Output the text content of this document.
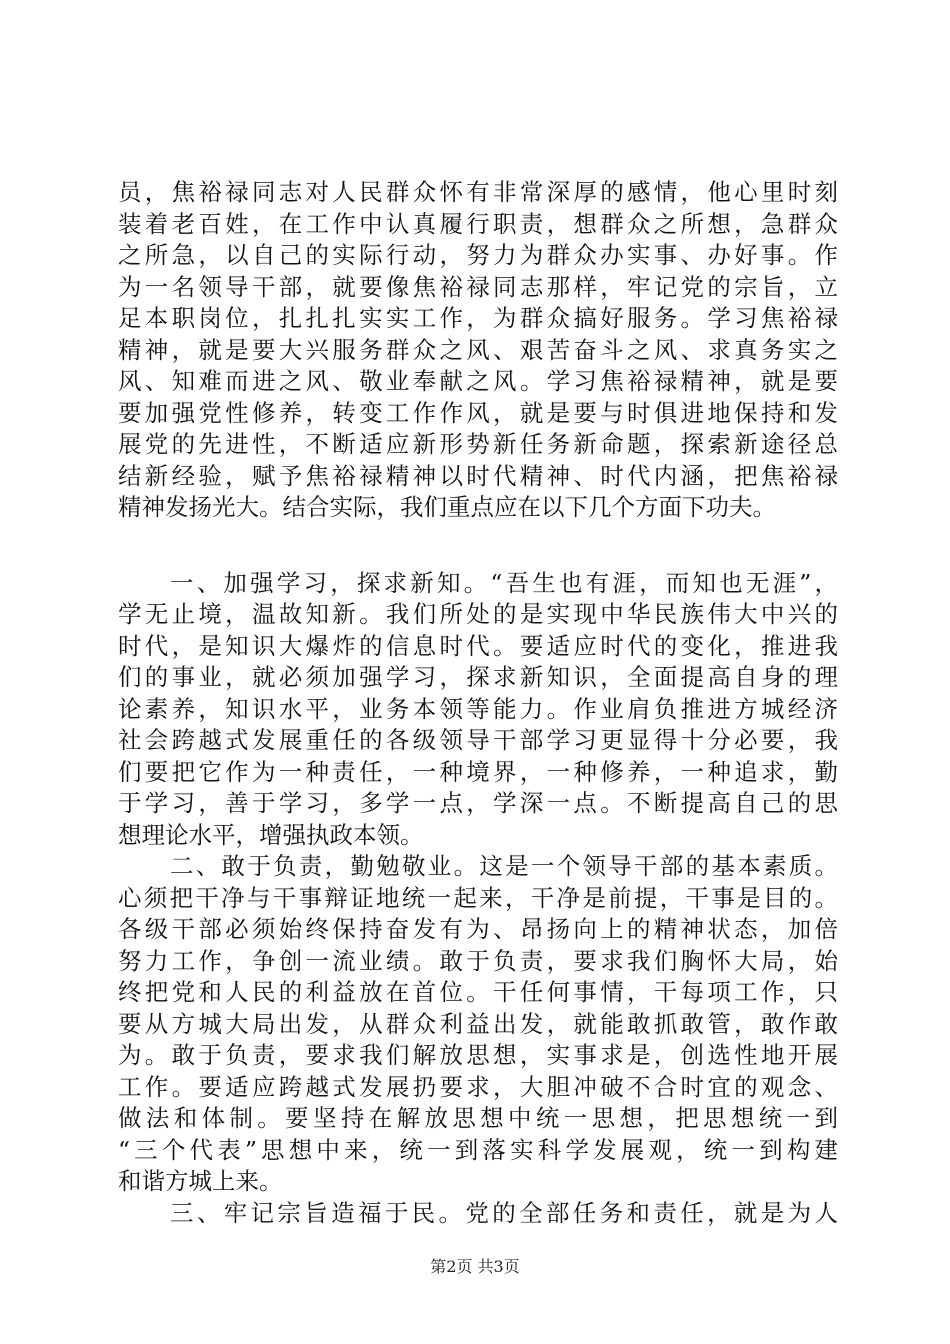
员，焦裕禄同志对人民群众怀有非常深厚的感情，他心里时刻
装着老百姓，在工作中认真履行职责，想群众之所想，急群众
之所急，以自己的实际行动，努力为群众办实事、办好事。作
为一名领导干部，就要像焦裕禄同志那样，牢记党的宗旨，立
足本职岗位，扎扎扎实实工作，为群众搞好服务。学习焦裕禄
精神，就是要大兴服务群众之风、艰苦奋斗之风、求真务实之
风、知难而进之风、敬业奉献之风。学习焦裕禄精神，就是要
要加强党性修养，转变工作作风，就是要与时俱进地保持和发
展党的先进性，不断适应新形势新任务新命题，探索新途径总
结新经验，赋予焦裕禄精神以时代精神、时代内涵，把焦裕禄
精神发扬光大。结合实际，我们重点应在以下几个方面下功夫。
一、加强学习，探求新知。“吾生也有涯，而知也无涯”，
学无止境，温故知新。我们所处的是实现中华民族伟大中兴的
时代，是知识大爆炸的信息时代。要适应时代的变化，推进我
们的事业，就必须加强学习，探求新知识，全面提高自身的理
论素养，知识水平，业务本领等能力。作业肩负推进方城经济
社会跨越式发展重任的各级领导干部学习更显得十分必要，我
们要把它作为一种责任，一种境界，一种修养，一种追求，勤
于学习，善于学习，多学一点，学深一点。不断提高自己的思
想理论水平，增强执政本领。
二、敢于负责，勤勉敬业。这是一个领导干部的基本素质。
心须把干净与干事辩证地统一起来，干净是前提，干事是目的。
各级干部必须始终保持奋发有为、昂扬向上的精神状态，加倍
努力工作，争创一流业绩。敢于负责，要求我们胸怀大局，始
终把党和人民的利益放在首位。干任何事情，干每项工作，只
要从方城大局出发，从群众利益出发，就能敢抓敢管，敢作敢
为。敢于负责，要求我们解放思想，实事求是，创选性地开展
工作。要适应跨越式发展扔要求，大胆冲破不合时宜的观念、
做法和体制。要坚持在解放思想中统一思想，把思想统一到
“三个代表”思想中来，统一到落实科学发展观，统一到构建
和谐方城上来。
三、牢记宗旨造福于民。党的全部任务和责任，就是为人
第2页 共3页
